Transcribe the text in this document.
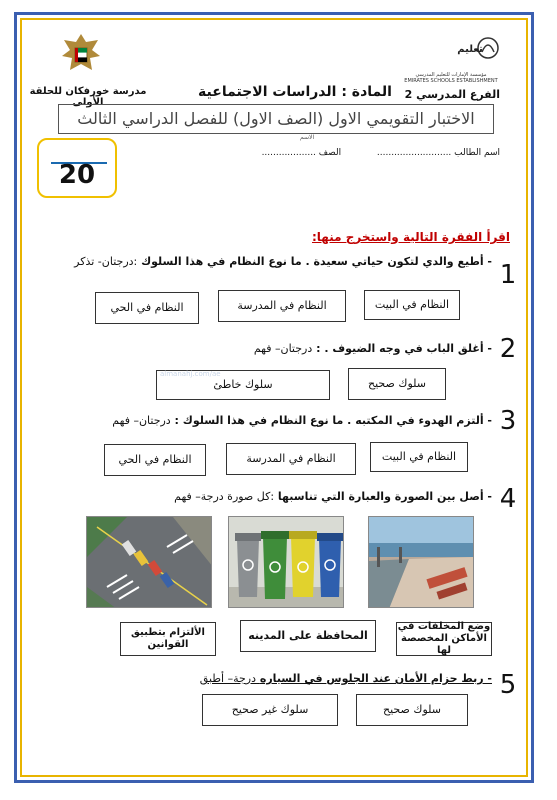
مدرسة خورفكان للحلقة الأولى
تعليم
مؤسسة الإمارات للتعليم المدرسي
EMIRATES SCHOOLS ESTABLISHMENT
الفرع المدرسي 2
المادة : الدراسات الاجتماعية
الاختبار التقويمي الاول (الصف الاول) للفصل الدراسي الثالث
الاسم
20
اسم الطالب ..........................  الصف ...................
اقرأ الفقرة التالية واستخرج منها:
1
- أطيع والدي لتكون حياتي سعيدة . ما نوع النظام في هذا السلوك :درجتان- تذكر
النظام في البيت
النظام في المدرسة
النظام في الحي
2
- أغلق الباب في وجه الضيوف . : درجتان– فهم
سلوك صحيح
سلوك خاطئ
almanahj.com/ae
3
- ألتزم الهدوء في المكتبه . ما نوع النظام في هذا السلوك : درجتان– فهم
النظام في البيت
النظام في المدرسة
النظام في الحي
4
- أصل بين الصورة والعبارة التي تناسبها :كل صورة درجة– فهم
وضع المخلفات في الأماكن المخصصة لها
المحافظة على المدينه
الألتزام بتطبيق القوانين
5
- ربط حزام الأمان عند الجلوس في السياره درجة– أطبق
سلوك صحيح
سلوك غير صحيح
